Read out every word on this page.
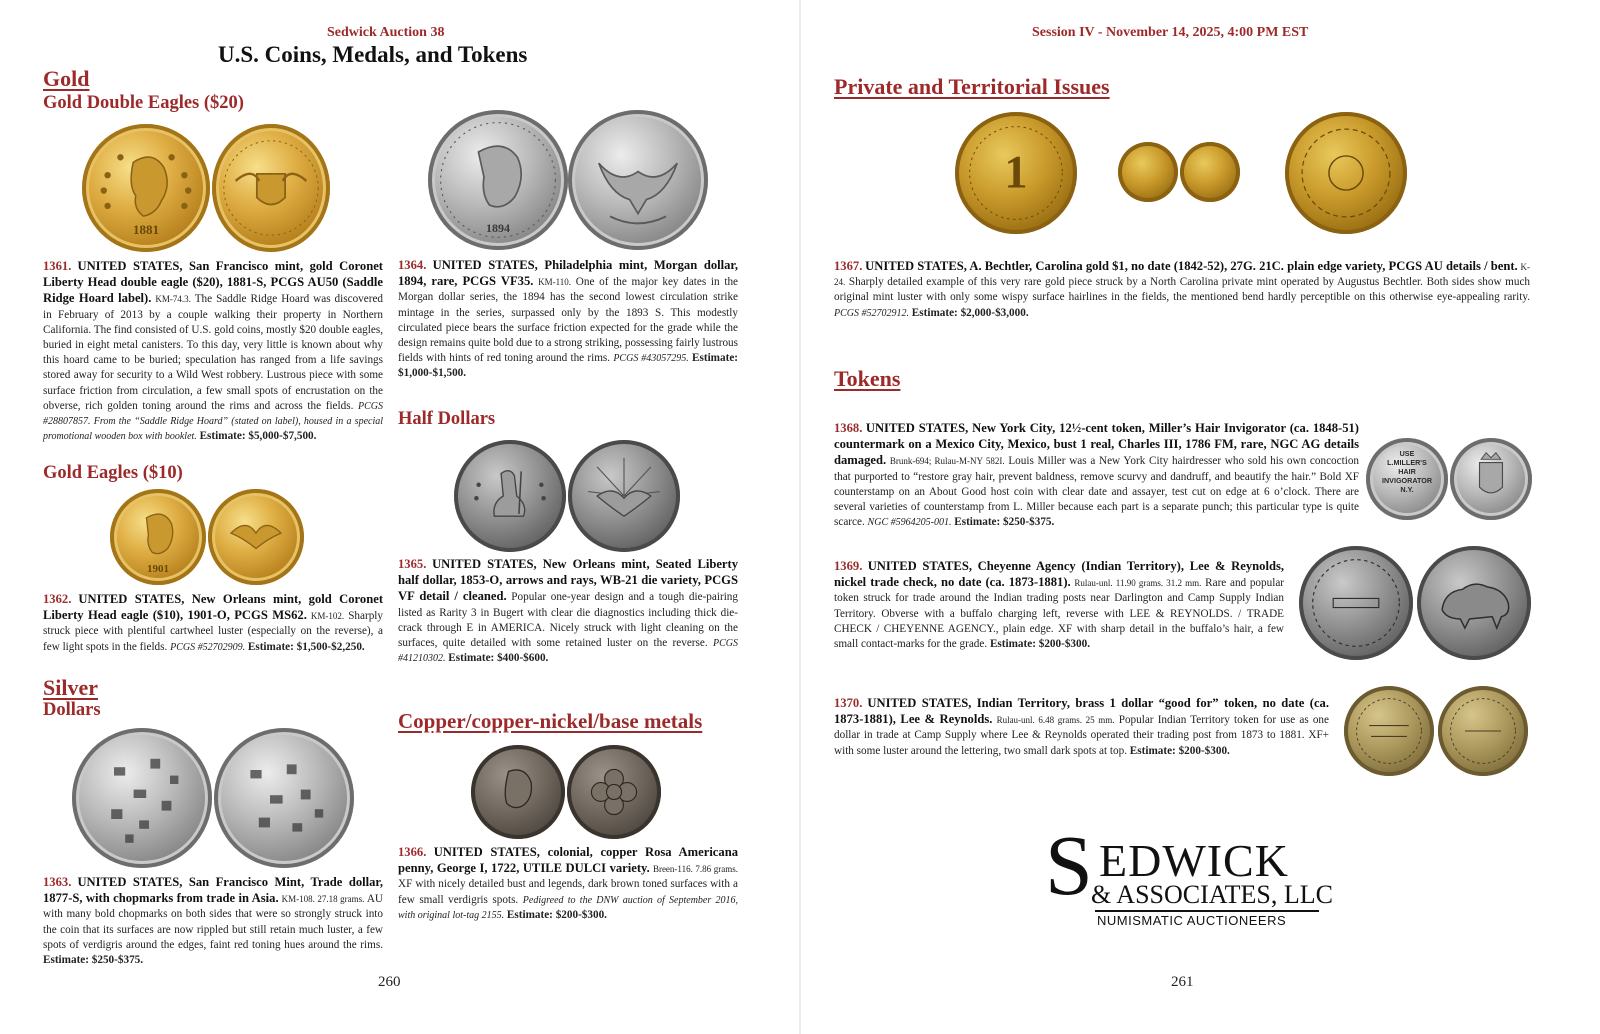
Sedwick Auction 38
U.S. Coins, Medals, and Tokens
Gold
Gold Double Eagles ($20)
1881
1361. UNITED STATES, San Francisco mint, gold Coronet Liberty Head double eagle ($20), 1881-S, PCGS AU50 (Saddle Ridge Hoard label). KM-74.3. The Saddle Ridge Hoard was discovered in February of 2013 by a couple walking their property in Northern California. The find consisted of U.S. gold coins, mostly $20 double eagles, buried in eight metal canisters. To this day, very little is known about why this hoard came to be buried; speculation has ranged from a life savings stored away for security to a Wild West robbery. Lustrous piece with some surface friction from circulation, a few small spots of encrustation on the obverse, rich golden toning around the rims and across the fields. PCGS #28807857. From the “Saddle Ridge Hoard” (stated on label), housed in a special promotional wooden box with booklet. Estimate: $5,000-$7,500.
Gold Eagles ($10)
1901
1362. UNITED STATES, New Orleans mint, gold Coronet Liberty Head eagle ($10), 1901-O, PCGS MS62. KM-102. Sharply struck piece with plentiful cartwheel luster (especially on the reverse), a few light spots in the fields. PCGS #52702909. Estimate: $1,500-$2,250.
Silver
Dollars
1363. UNITED STATES, San Francisco Mint, Trade dollar, 1877-S, with chopmarks from trade in Asia. KM-108. 27.18 grams. AU with many bold chopmarks on both sides that were so strongly struck into the coin that its surfaces are now rippled but still retain much luster, a few spots of verdigris around the edges, faint red toning hues around the rims. Estimate: $250-$375.
1894
1364. UNITED STATES, Philadelphia mint, Morgan dollar, 1894, rare, PCGS VF35. KM-110. One of the major key dates in the Morgan dollar series, the 1894 has the second lowest circulation strike mintage in the series, surpassed only by the 1893 S. This modestly circulated piece bears the surface friction expected for the grade while the design remains quite bold due to a strong striking, possessing fairly lustrous fields with hints of red toning around the rims. PCGS #43057295. Estimate: $1,000-$1,500.
Half Dollars
1365. UNITED STATES, New Orleans mint, Seated Liberty half dollar, 1853-O, arrows and rays, WB-21 die variety, PCGS VF detail / cleaned. Popular one-year design and a tough die-pairing listed as Rarity 3 in Bugert with clear die diagnostics including thick die-crack through E in AMERICA. Nicely struck with light cleaning on the surfaces, quite detailed with some retained luster on the reverse. PCGS #41210302. Estimate: $400-$600.
Copper/copper-nickel/base metals
1366. UNITED STATES, colonial, copper Rosa Americana penny, George I, 1722, UTILE DULCI variety. Breen-116. 7.86 grams. XF with nicely detailed bust and legends, dark brown toned surfaces with a few small verdigris spots. Pedigreed to the DNW auction of September 2016, with original lot-tag 2155. Estimate: $200-$300.
260
Session IV - November 14, 2025, 4:00 PM EST
Private and Territorial Issues
1
1367. UNITED STATES, A. Bechtler, Carolina gold $1, no date (1842-52), 27G. 21C. plain edge variety, PCGS AU details / bent. K-24. Sharply detailed example of this very rare gold piece struck by a North Carolina private mint operated by Augustus Bechtler. Both sides show much original mint luster with only some wispy surface hairlines in the fields, the mentioned bend hardly perceptible on this otherwise eye-appealing rarity. PCGS #52702912. Estimate: $2,000-$3,000.
Tokens
USE
L.MILLER'S
HAIR
INVIGORATOR
N.Y.
1368. UNITED STATES, New York City, 12½-cent token, Miller’s Hair Invigorator (ca. 1848-51) countermark on a Mexico City, Mexico, bust 1 real, Charles III, 1786 FM, rare, NGC AG details damaged. Brunk-694; Rulau-M-NY 582I. Louis Miller was a New York City hairdresser who sold his own concoction that purported to “restore gray hair, prevent baldness, remove scurvy and dandruff, and beautify the hair.” Bold XF counterstamp on an About Good host coin with clear date and assayer, test cut on edge at 6 o’clock. There are several varieties of counterstamp from L. Miller because each part is a separate punch; this particular type is quite scarce. NGC #5964205-001. Estimate: $250-$375.
1369. UNITED STATES, Cheyenne Agency (Indian Territory), Lee & Reynolds, nickel trade check, no date (ca. 1873-1881). Rulau-unl. 11.90 grams. 31.2 mm. Rare and popular token struck for trade around the Indian trading posts near Darlington and Camp Supply Indian Territory. Obverse with a buffalo charging left, reverse with LEE & REYNOLDS. / TRADE CHECK / CHEYENNE AGENCY., plain edge. XF with sharp detail in the buffalo’s hair, a few small contact-marks for the grade. Estimate: $200-$300.
1370. UNITED STATES, Indian Territory, brass 1 dollar “good for” token, no date (ca. 1873-1881), Lee & Reynolds. Rulau-unl. 6.48 grams. 25 mm. Popular Indian Territory token for use as one dollar in trade at Camp Supply where Lee & Reynolds operated their trading post from 1873 to 1881. XF+ with some luster around the lettering, two small dark spots at top. Estimate: $200-$300.
261
S EDWICK
& ASSOCIATES, LLC
NUMISMATIC AUCTIONEERS
